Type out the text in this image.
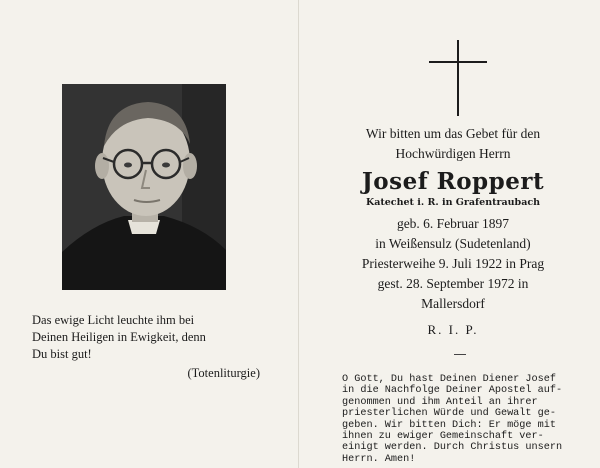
Das ewige Licht leuchte ihm bei
Deinen Heiligen in Ewigkeit, denn
Du bist gut!
(Totenliturgie)
Wir bitten um das Gebet für den
Hochwürdigen Herrn
Josef Roppert
Katechet i. R. in Grafentraubach
geb. 6. Februar 1897
in Weißensulz (Sudetenland)
Priesterweihe 9. Juli 1922 in Prag
gest. 28. September 1972 in
Mallersdorf
R. I. P.
O Gott, Du hast Deinen Diener Josef
in die Nachfolge Deiner Apostel auf-
genommen und ihm Anteil an ihrer
priesterlichen Würde und Gewalt ge-
geben. Wir bitten Dich: Er möge mit
ihnen zu ewiger Gemeinschaft ver-
einigt werden. Durch Christus unsern
Herrn. Amen!
